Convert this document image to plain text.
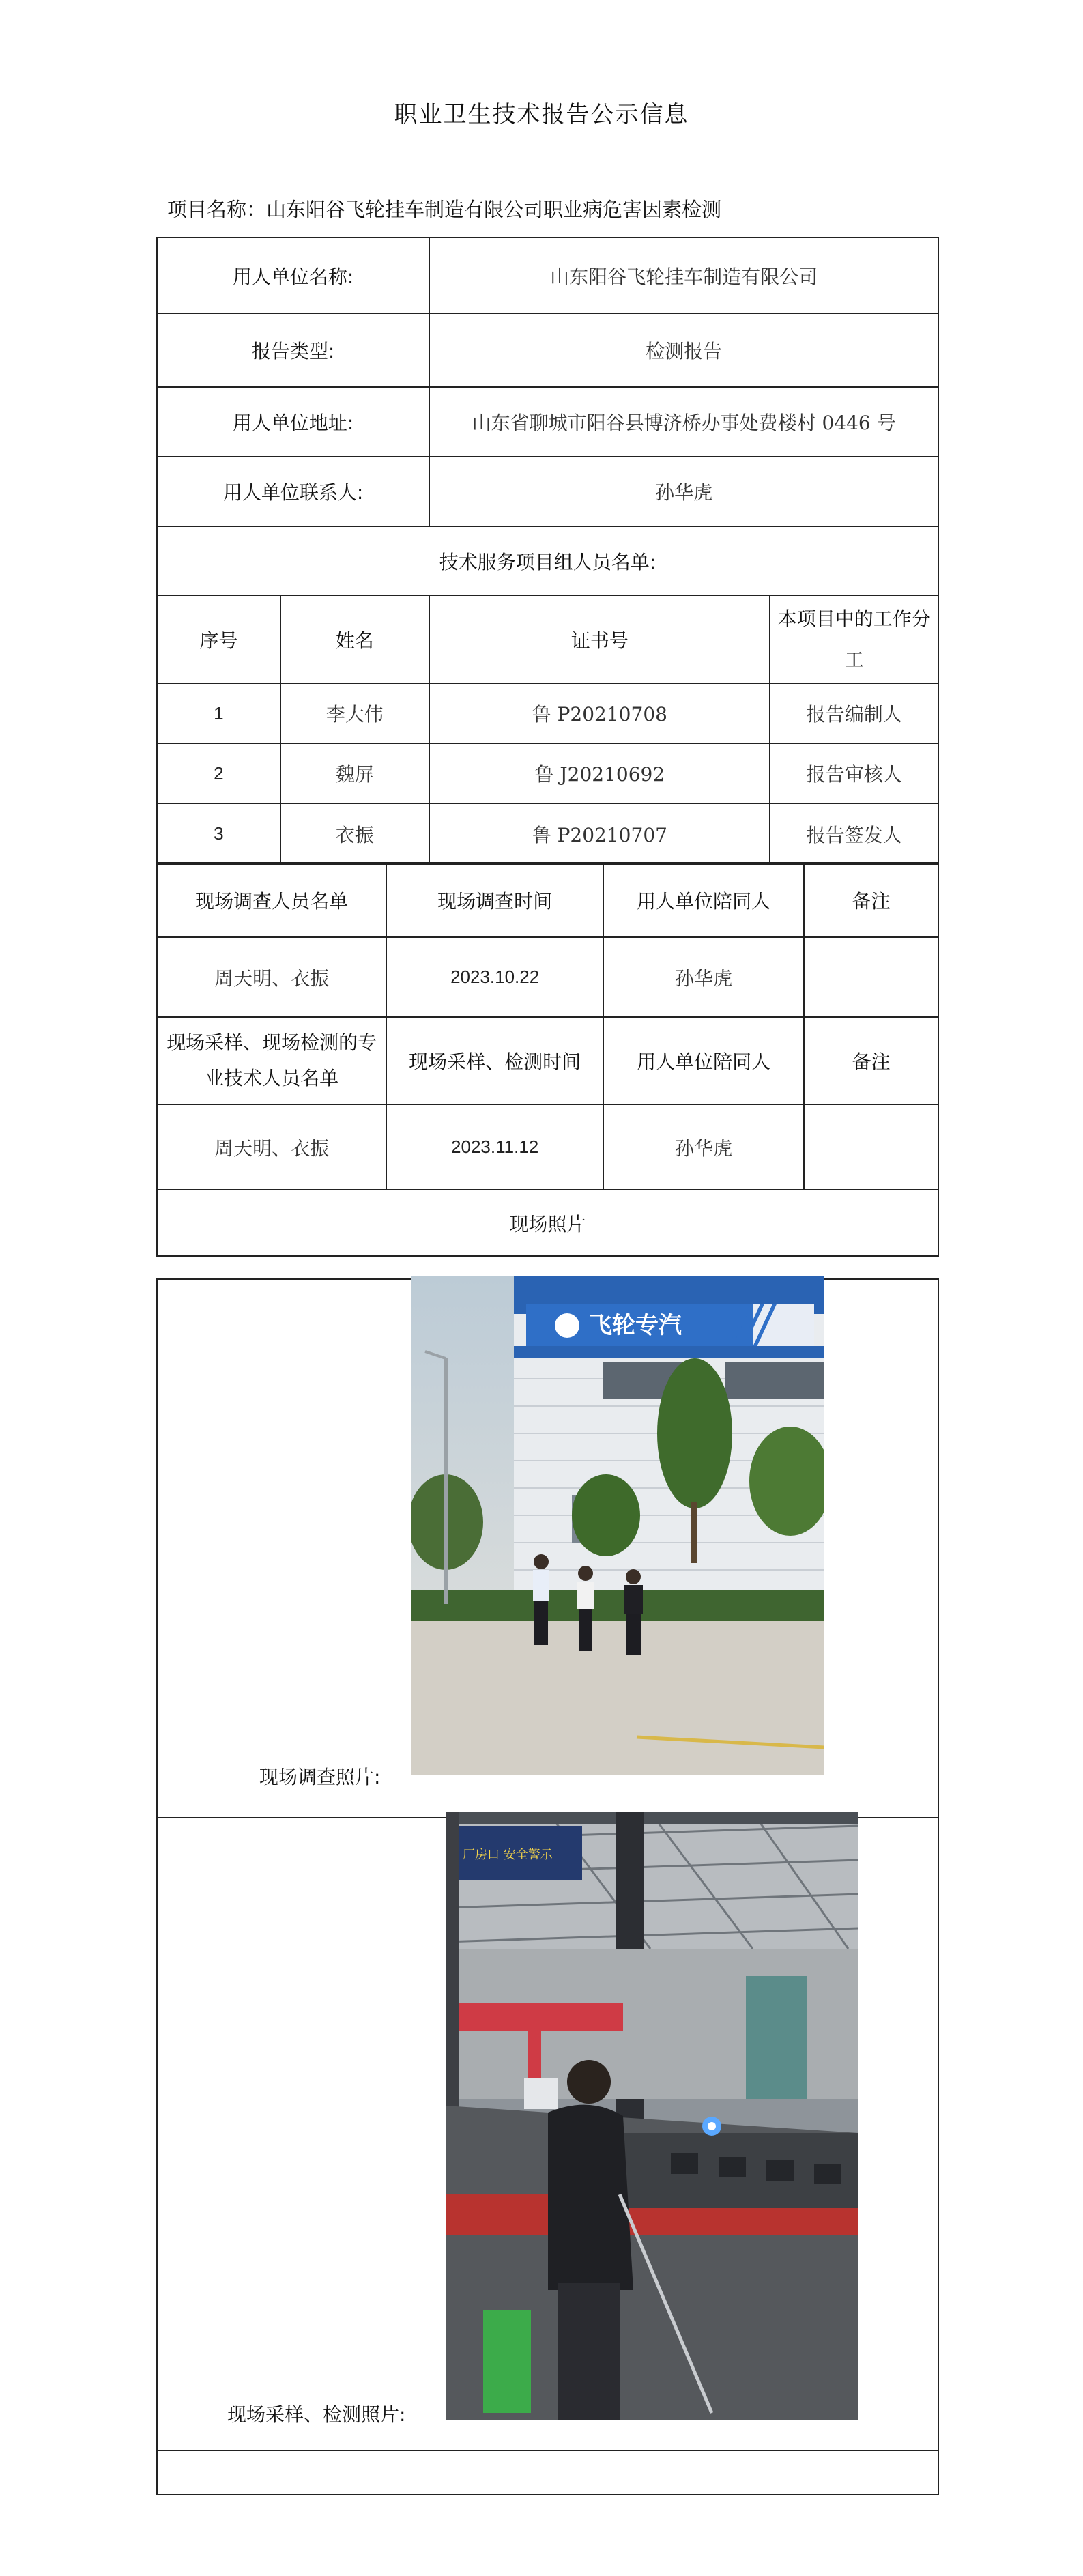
职业卫生技术报告公示信息
项目名称：山东阳谷飞轮挂车制造有限公司职业病危害因素检测
用人单位名称:		山东阳谷飞轮挂车制造有限公司	
报告类型:		检测报告	
用人单位地址:		山东省聊城市阳谷县博济桥办事处费楼村 0446 号	
用人单位联系人:		孙华虎	
技术服务项目组人员名单:			
序号	姓名	证书号	本项目中的工作分工
1	李大伟	鲁 P20210708	报告编制人
2	魏屏	鲁 J20210692	报告审核人
3	衣振	鲁 P20210707	报告签发人
现场调查人员名单	现场调查时间	用人单位陪同人	备注
周天明、衣振	2023.10.22	孙华虎	
现场采样、现场检测的专业技术人员名单	现场采样、检测时间	用人单位陪同人	备注
周天明、衣振	2023.11.12	孙华虎	
现场照片			

现场调查照片:
现场采样、检测照片:
飞轮专汽
厂房口 安全警示
